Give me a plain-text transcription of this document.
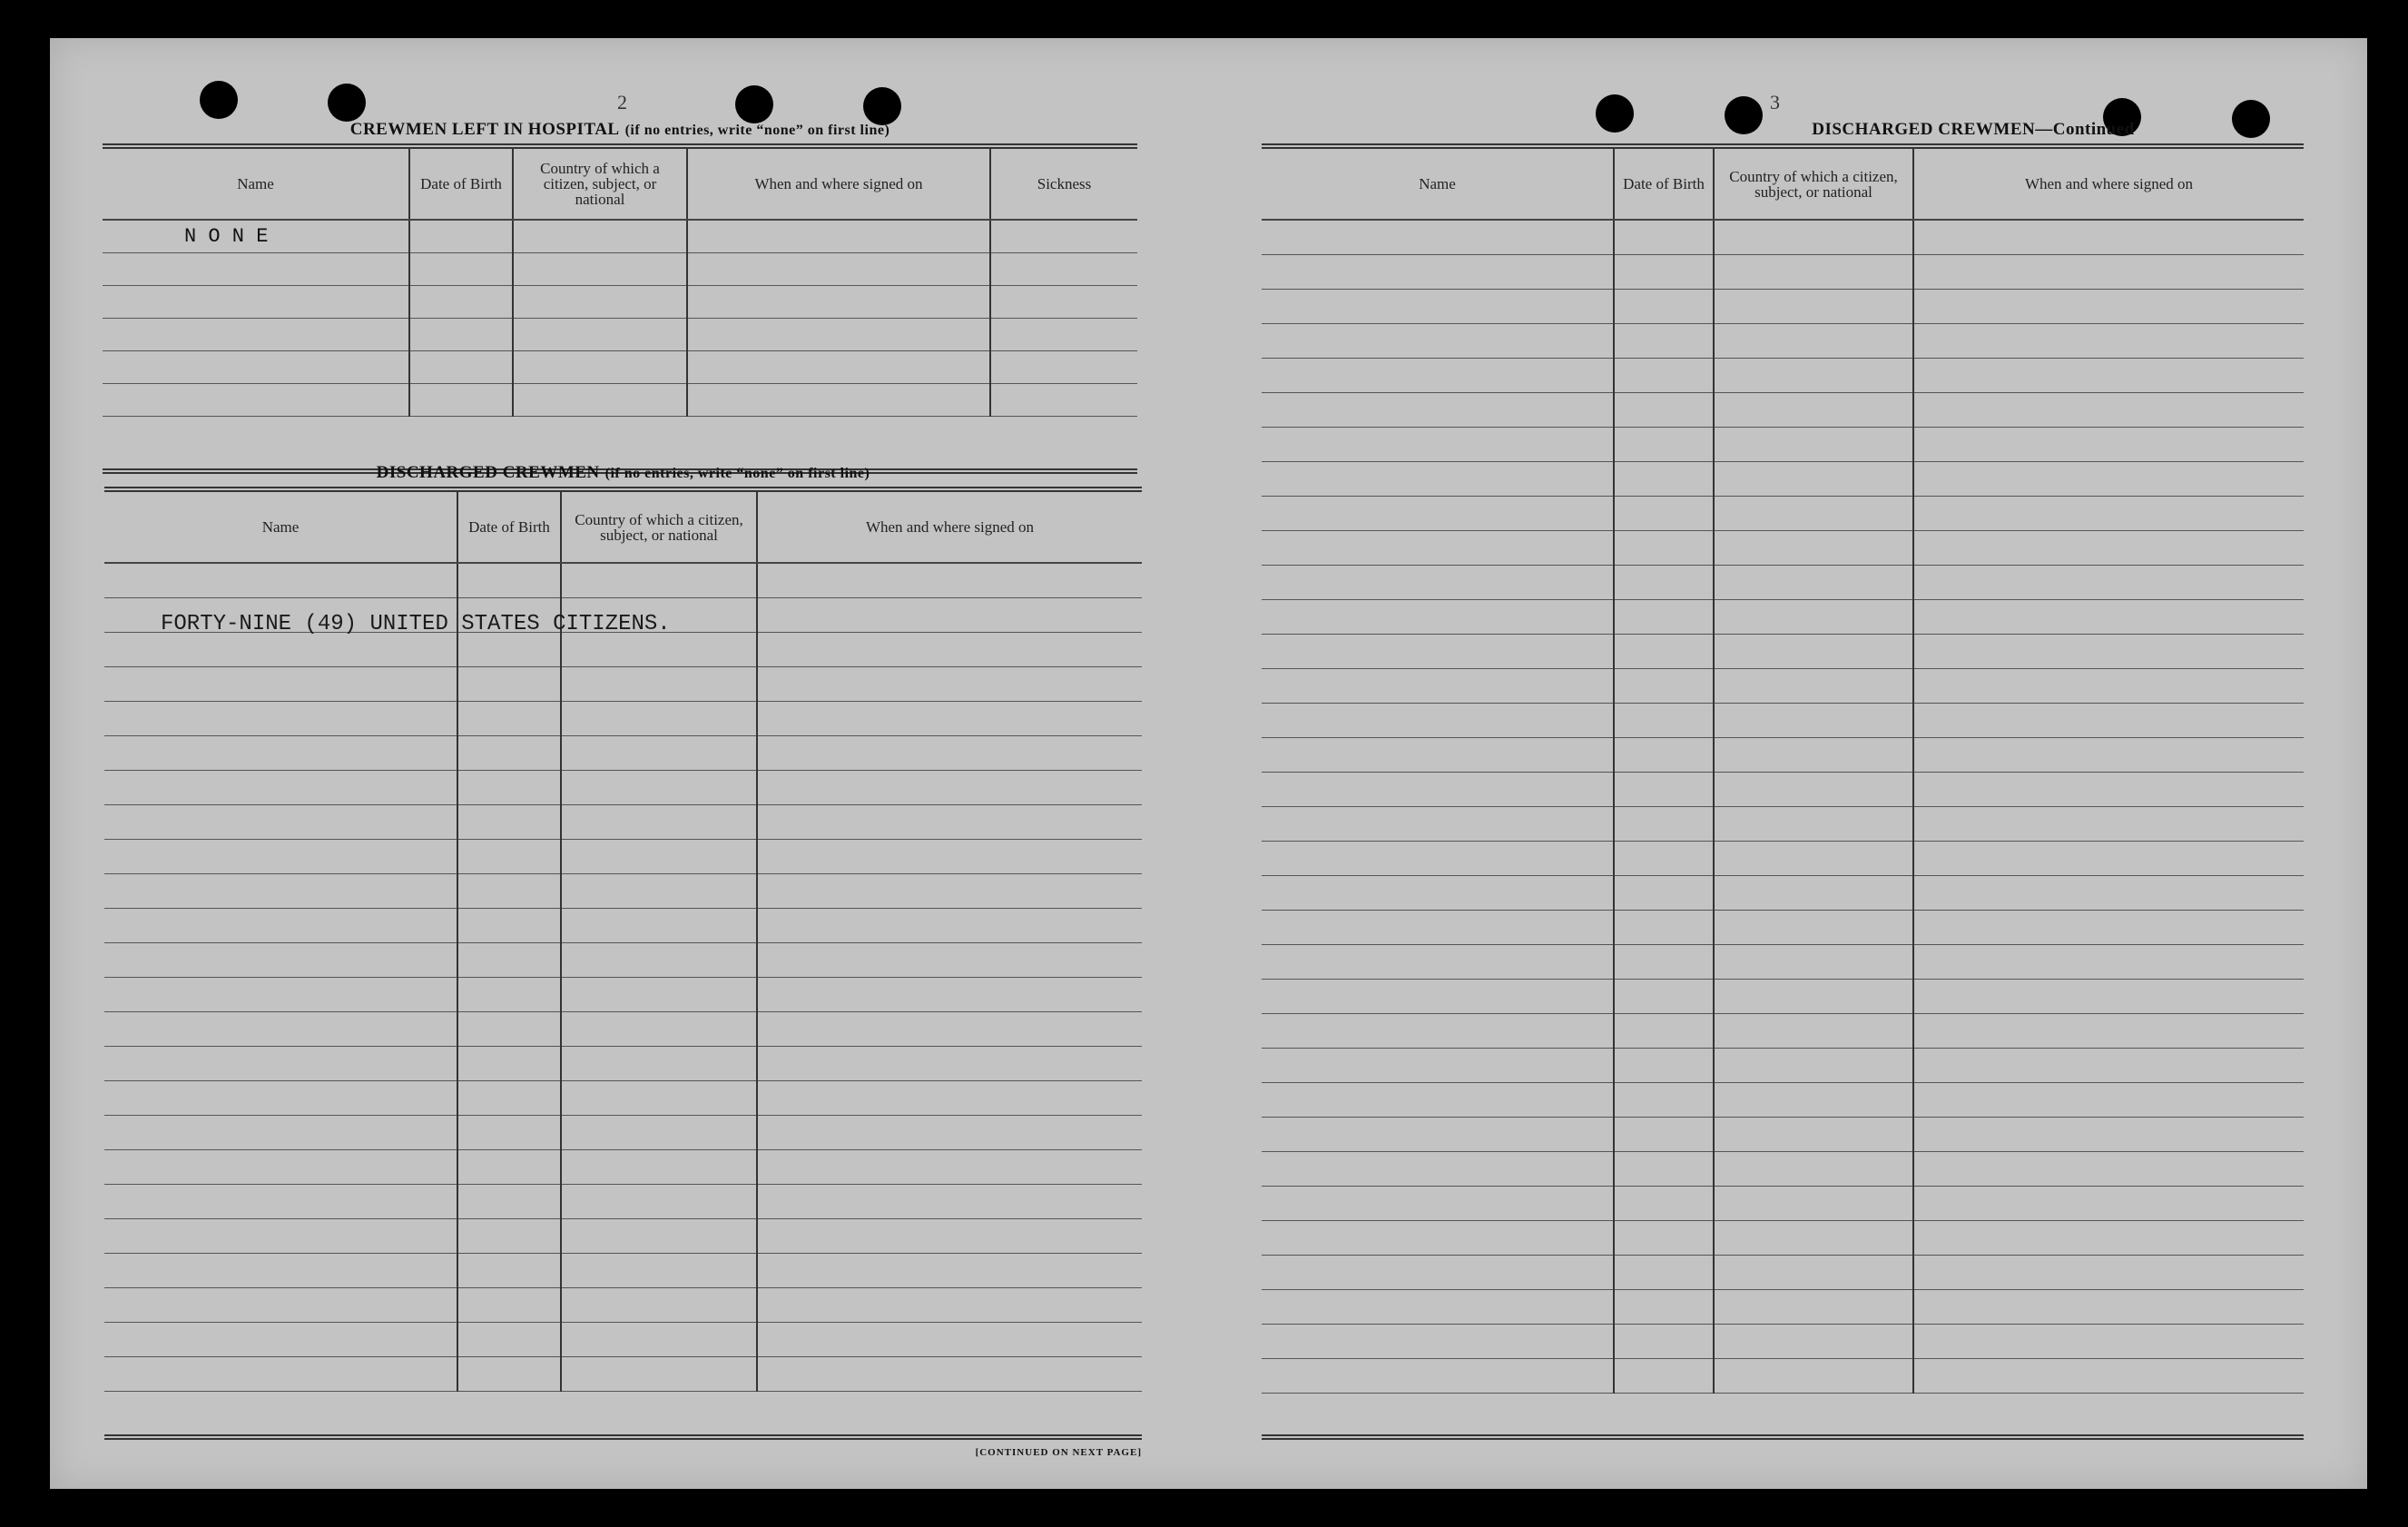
2
CREWMEN LEFT IN HOSPITAL (if no entries, write “none” on first line)
Name	Date of Birth	Country of which a citizen, subject, or national	When and where signed on	Sickness
N O N E				

DISCHARGED CREWMEN (if no entries, write “none” on first line)
Name	Date of Birth	Country of which a citizen, subject, or national	When and where signed on

FORTY-NINE (49) UNITED STATES CITIZENS.
[CONTINUED ON NEXT PAGE]
3
DISCHARGED CREWMEN—Continued
Name	Date of Birth	Country of which a citizen, subject, or national	When and where signed on
